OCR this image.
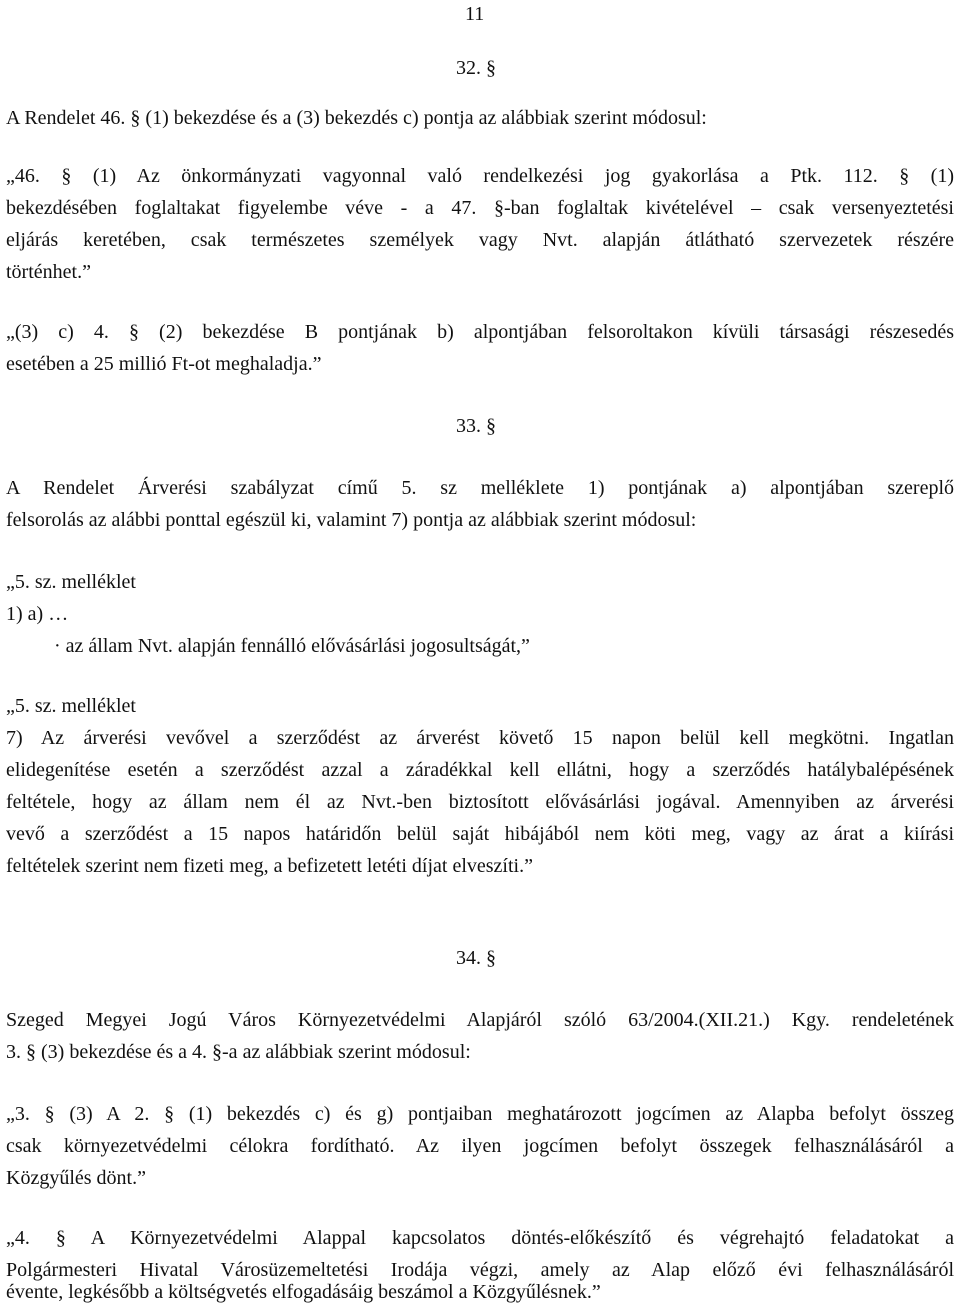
11
32. §
A Rendelet 46. § (1) bekezdése és a (3) bekezdés c) pontja az alábbiak szerint módosul:
„46. § (1) Az önkormányzati vagyonnal való rendelkezési jog gyakorlása a Ptk. 112. § (1)
bekezdésében foglaltakat figyelembe véve - a 47. §-ban foglaltak kivételével – csak versenyeztetési
eljárás keretében, csak természetes személyek vagy Nvt. alapján átlátható szervezetek részére
történhet.”
„(3) c) 4. § (2) bekezdése B pontjának b) alpontjában felsoroltakon kívüli társasági részesedés
esetében a 25 millió Ft-ot meghaladja.”
33. §
A Rendelet Árverési szabályzat című 5. sz melléklete 1) pontjának a) alpontjában szereplő
felsorolás az alábbi ponttal egészül ki, valamint 7) pontja az alábbiak szerint módosul:
„5. sz. melléklet
1) a) …
· az állam Nvt. alapján fennálló elővásárlási jogosultságát,”
„5. sz. melléklet
7) Az árverési vevővel a szerződést az árverést követő 15 napon belül kell megkötni. Ingatlan
elidegenítése esetén a szerződést azzal a záradékkal kell ellátni, hogy a szerződés hatálybalépésének
feltétele, hogy az állam nem él az Nvt.-ben biztosított elővásárlási jogával. Amennyiben az árverési
vevő a szerződést a 15 napos határidőn belül saját hibájából nem köti meg, vagy az árat a kiírási
feltételek szerint nem fizeti meg, a befizetett letéti díjat elveszíti.”
34. §
Szeged Megyei Jogú Város Környezetvédelmi Alapjáról szóló 63/2004.(XII.21.) Kgy. rendeletének
3. § (3) bekezdése és a 4. §-a az alábbiak szerint módosul:
„3. § (3) A 2. § (1) bekezdés c) és g) pontjaiban meghatározott jogcímen az Alapba befolyt összeg
csak környezetvédelmi célokra fordítható. Az ilyen jogcímen befolyt összegek felhasználásáról a
Közgyűlés dönt.”
„4. § A Környezetvédelmi Alappal kapcsolatos döntés-előkészítő és végrehajtó feladatokat a
Polgármesteri Hivatal Városüzemeltetési Irodája végzi, amely az Alap előző évi felhasználásáról
évente, legkésőbb a költségvetés elfogadásáig beszámol a Közgyűlésnek.”
